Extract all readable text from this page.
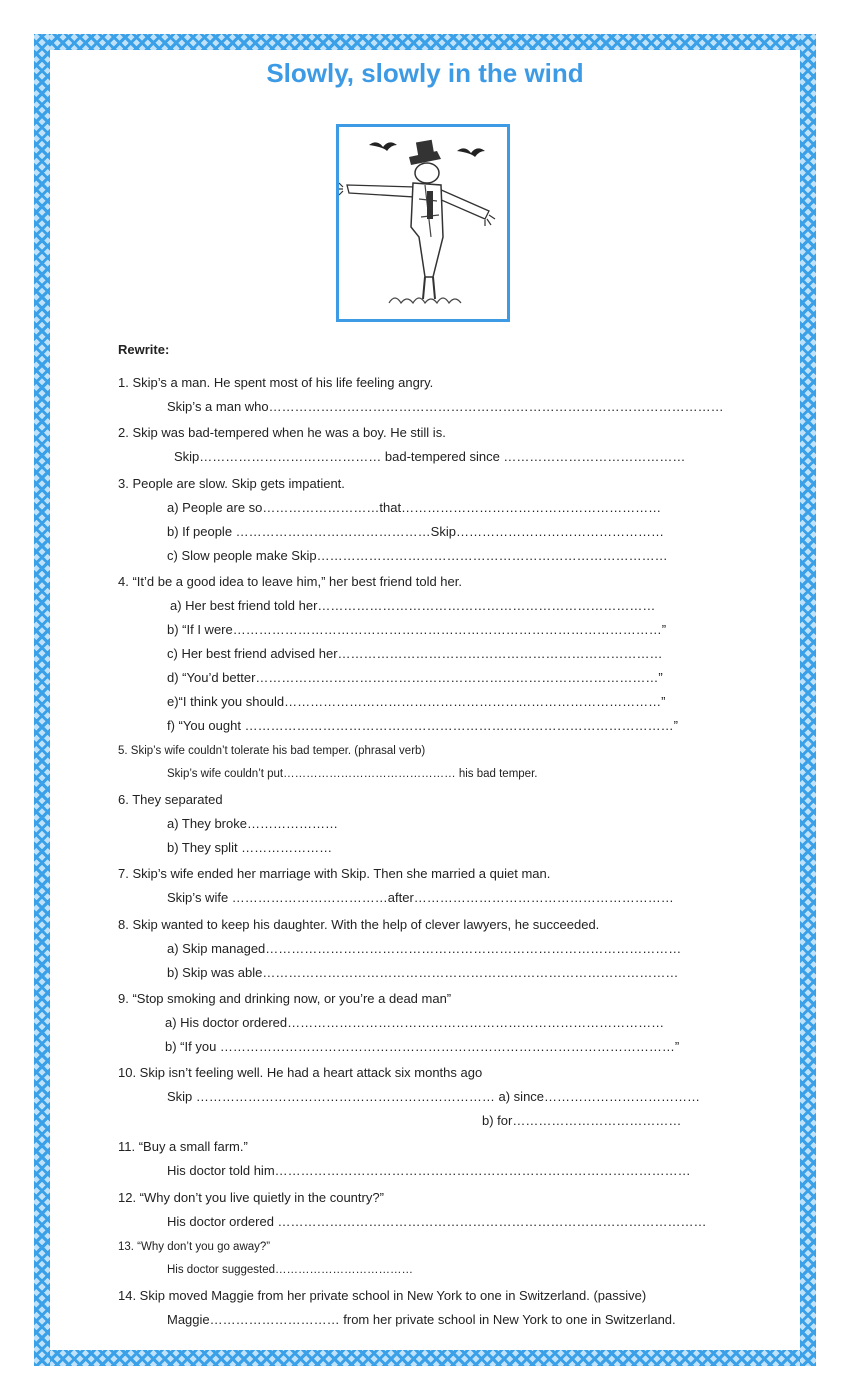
Slowly, slowly in the wind
Rewrite:
1. Skip’s a man. He spent most of his life feeling angry.
Skip’s a man who……………………………………………………………………………………………
2. Skip was bad-tempered when he was a boy. He still is.
Skip…………………………………… bad-tempered since ……………………………………
3. People are slow. Skip gets impatient.
a) People are so………………………that……………………………………………………
b) If people ………………………………………Skip…………………………………………
c) Slow people make Skip………………………………………………………………………
4. “It’d be a good idea to leave him,” her best friend told her.
a) Her best friend told her……………………………………………………………………
b) “If I were………………………………………………………………………………………”
c) Her best friend advised her…………………………………………………………………
d) “You’d better…………………………………………………………………………………”
e)“I think you should……………………………………………………………………………”
f) “You ought ………………………………………………………………………………………”
5. Skip’s wife couldn’t tolerate his bad temper. (phrasal verb)
Skip’s wife couldn’t put……………………………………… his bad temper.
6. They separated
a) They broke…………………
b) They split …………………
7. Skip’s wife ended her marriage with Skip. Then she married a quiet man.
Skip’s wife ………………………………after……………………………………………………
8. Skip wanted to keep his daughter. With the help of clever lawyers, he succeeded.
a) Skip managed……………………………………………………………………………………
b) Skip was able……………………………………………………………………………………
9. “Stop smoking and drinking now, or you’re a dead man”
a) His doctor ordered……………………………………………………………………………
b) “If you ……………………………………………………………………………………………”
10. Skip isn’t feeling well. He had a heart attack six months ago
Skip …………………………………………………………… a) since………………………………
b) for…………………………………
11. “Buy a small farm.”
His doctor told him……………………………………………………………………………………
12. “Why don’t you live quietly in the country?”
His doctor ordered ………………………………………………………………………………………
13. “Why don’t you go away?”
His doctor suggested………………………………
14. Skip moved Maggie from her private school in New York to one in Switzerland. (passive)
Maggie………………………… from her private school in New York to one in Switzerland.
